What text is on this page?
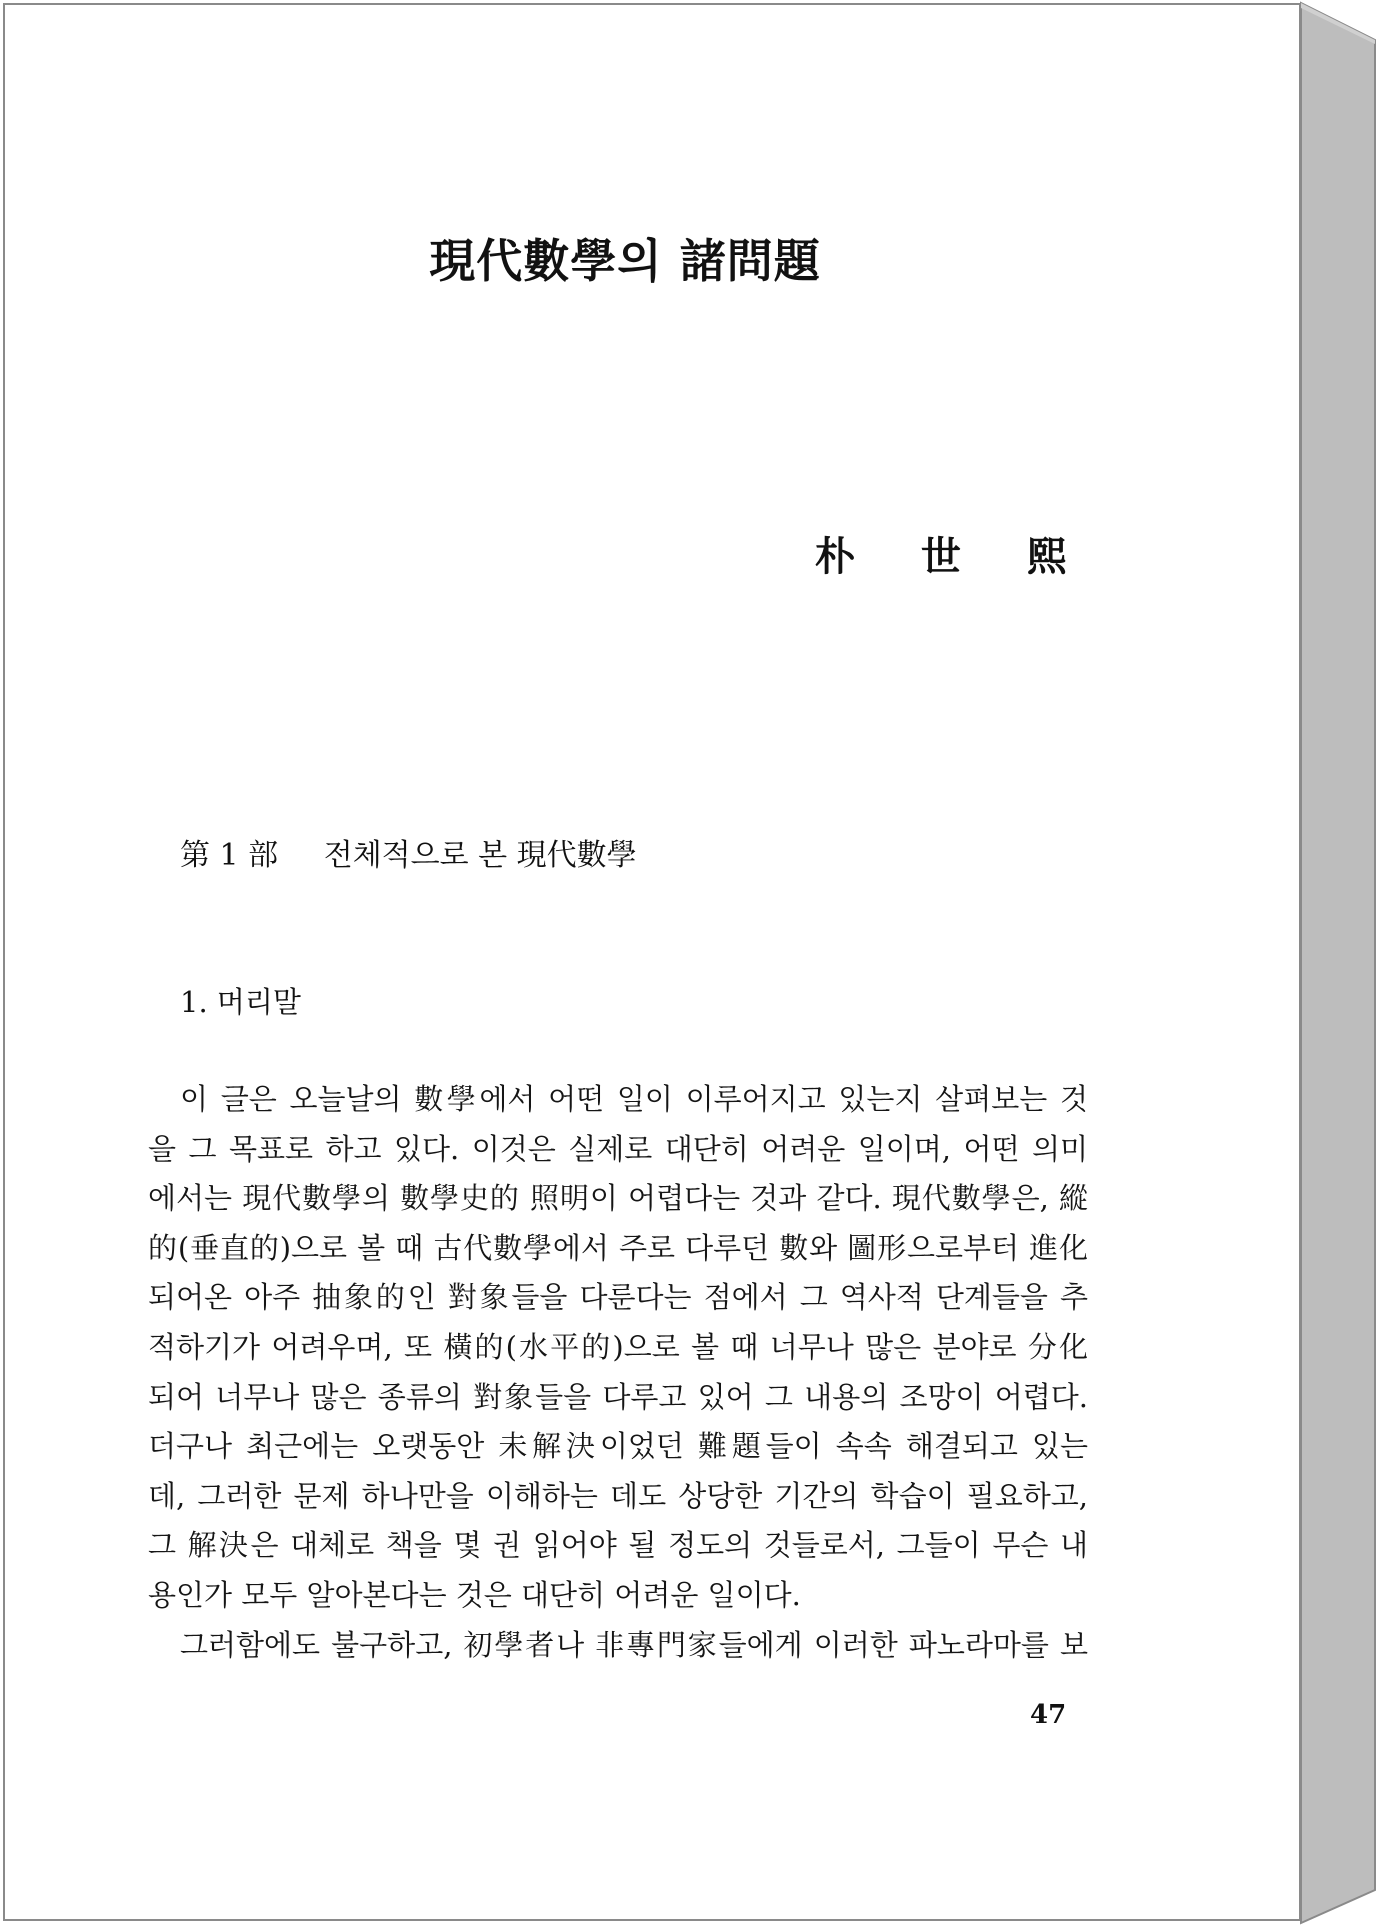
現代數學의 諸問題
朴 世 熙
第 1 部 전체적으로 본 現代數學
1. 머리말
이 글은 오늘날의 數學에서 어떤 일이 이루어지고 있는지 살펴보는 것
을 그 목표로 하고 있다. 이것은 실제로 대단히 어려운 일이며, 어떤 의미
에서는 現代數學의 數學史的 照明이 어렵다는 것과 같다. 現代數學은, 縱
的(垂直的)으로 볼 때 古代數學에서 주로 다루던 數와 圖形으로부터 進化
되어온 아주 抽象的인 對象들을 다룬다는 점에서 그 역사적 단계들을 추
적하기가 어려우며, 또 橫的(水平的)으로 볼 때 너무나 많은 분야로 分化
되어 너무나 많은 종류의 對象들을 다루고 있어 그 내용의 조망이 어렵다.
더구나 최근에는 오랫동안 未解決이었던 難題들이 속속 해결되고 있는
데, 그러한 문제 하나만을 이해하는 데도 상당한 기간의 학습이 필요하고,
그 解決은 대체로 책을 몇 권 읽어야 될 정도의 것들로서, 그들이 무슨 내
용인가 모두 알아본다는 것은 대단히 어려운 일이다.
그러함에도 불구하고, 初學者나 非專門家들에게 이러한 파노라마를 보
47
